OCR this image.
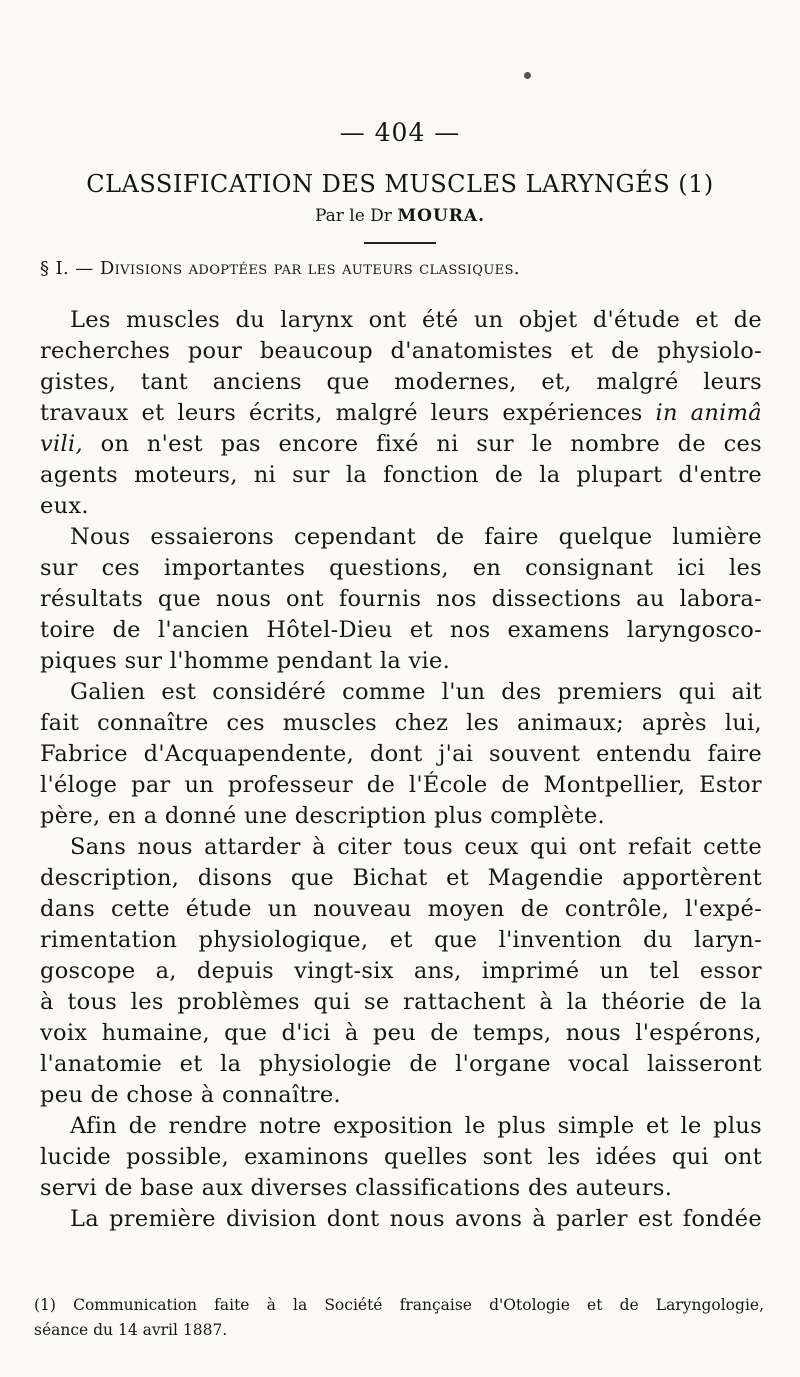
— 404 —
CLASSIFICATION DES MUSCLES LARYNGÉS (1)
Par le Dr MOURA.
§ I. — Divisions adoptées par les auteurs classiques.
Les muscles du larynx ont été un objet d'étude et de
recherches pour beaucoup d'anatomistes et de physiolo-
gistes, tant anciens que modernes, et, malgré leurs
travaux et leurs écrits, malgré leurs expériences in animâ
vili, on n'est pas encore fixé ni sur le nombre de ces
agents moteurs, ni sur la fonction de la plupart d'entre
eux.
Nous essaierons cependant de faire quelque lumière
sur ces importantes questions, en consignant ici les
résultats que nous ont fournis nos dissections au labora-
toire de l'ancien Hôtel-Dieu et nos examens laryngosco-
piques sur l'homme pendant la vie.
Galien est considéré comme l'un des premiers qui ait
fait connaître ces muscles chez les animaux; après lui,
Fabrice d'Acquapendente, dont j'ai souvent entendu faire
l'éloge par un professeur de l'École de Montpellier, Estor
père, en a donné une description plus complète.
Sans nous attarder à citer tous ceux qui ont refait cette
description, disons que Bichat et Magendie apportèrent
dans cette étude un nouveau moyen de contrôle, l'expé-
rimentation physiologique, et que l'invention du laryn-
goscope a, depuis vingt-six ans, imprimé un tel essor
à tous les problèmes qui se rattachent à la théorie de la
voix humaine, que d'ici à peu de temps, nous l'espérons,
l'anatomie et la physiologie de l'organe vocal laisseront
peu de chose à connaître.
Afin de rendre notre exposition le plus simple et le plus
lucide possible, examinons quelles sont les idées qui ont
servi de base aux diverses classifications des auteurs.
La première division dont nous avons à parler est fondée
(1) Communication faite à la Société française d'Otologie et de Laryngologie,
séance du 14 avril 1887.
